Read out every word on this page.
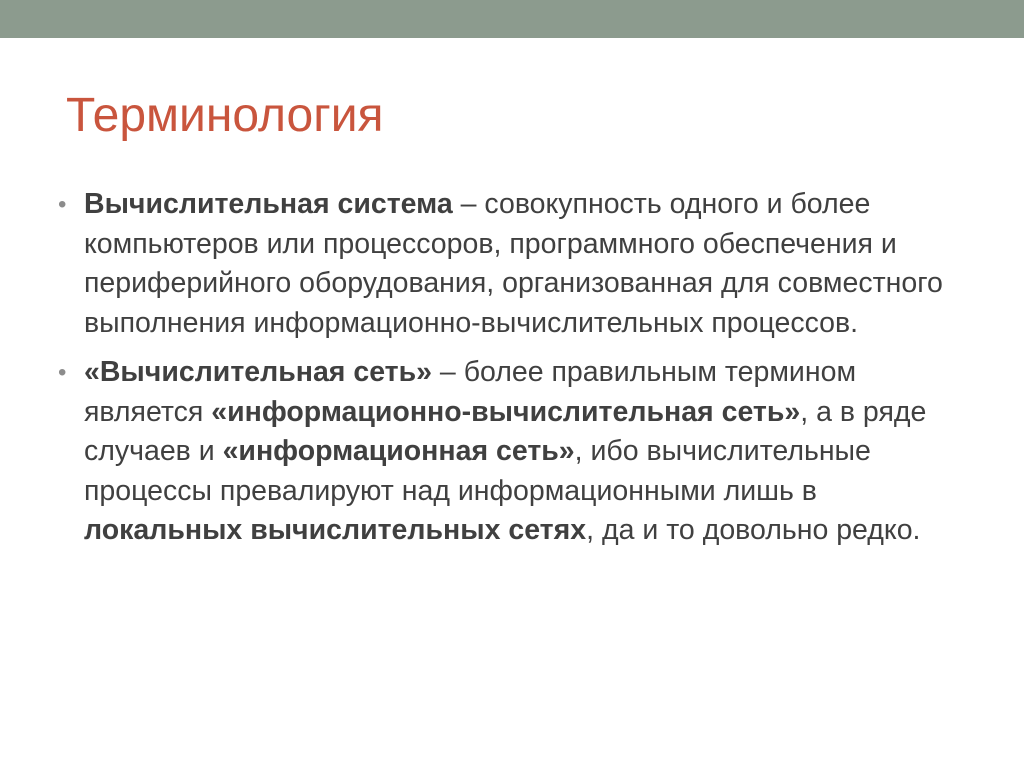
Терминология
• Вычислительная система – совокупность одного и более компьютеров или процессоров, программного обеспечения и периферийного оборудования, организованная для совместного выполнения информационно-вычислительных процессов.
• «Вычислительная сеть» – более правильным термином является «информационно-вычислительная сеть», а в ряде случаев и «информационная сеть», ибо вычислительные процессы превалируют над информационными лишь в локальных вычислительных сетях, да и то довольно редко.
